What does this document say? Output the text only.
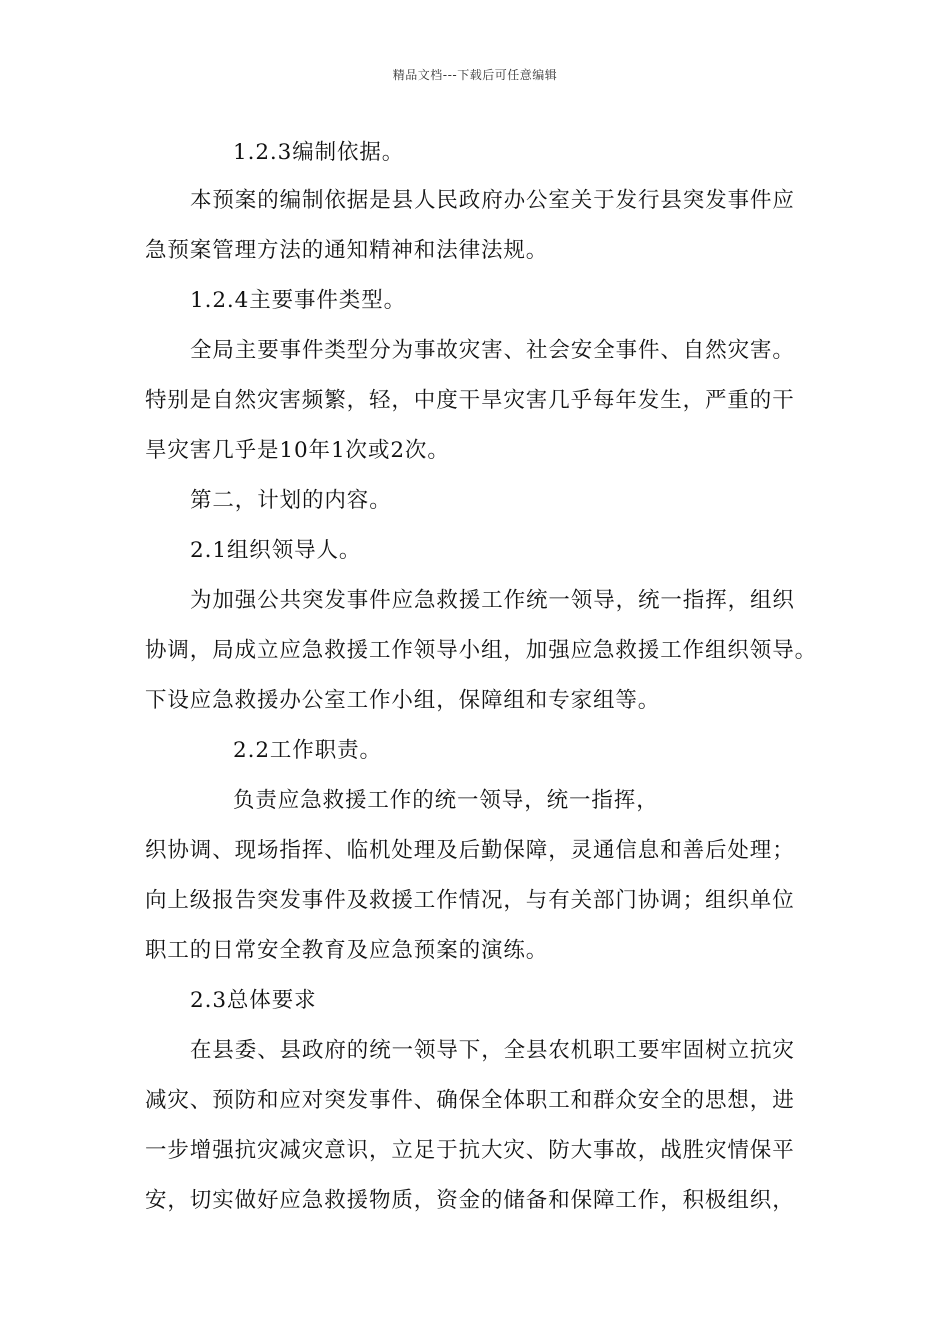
精品文档---下载后可任意编辑
1.2.3编制依据。
本预案的编制依据是县人民政府办公室关于发行县突发事件应
急预案管理方法的通知精神和法律法规。
1.2.4主要事件类型。
全局主要事件类型分为事故灾害、社会安全事件、自然灾害。
特别是自然灾害频繁，轻，中度干旱灾害几乎每年发生，严重的干
旱灾害几乎是10年1次或2次。
第二，计划的内容。
2.1组织领导人。
为加强公共突发事件应急救援工作统一领导，统一指挥，组织
协调，局成立应急救援工作领导小组，加强应急救援工作组织领导。
下设应急救援办公室工作小组，保障组和专家组等。
2.2工作职责。
负责应急救援工作的统一领导，统一指挥，
织协调、现场指挥、临机处理及后勤保障，灵通信息和善后处理；
向上级报告突发事件及救援工作情况，与有关部门协调；组织单位
职工的日常安全教育及应急预案的演练。
2.3总体要求
在县委、县政府的统一领导下，全县农机职工要牢固树立抗灾
减灾、预防和应对突发事件、确保全体职工和群众安全的思想，进
一步增强抗灾减灾意识，立足于抗大灾、防大事故，战胜灾情保平
安，切实做好应急救援物质，资金的储备和保障工作，积极组织，
